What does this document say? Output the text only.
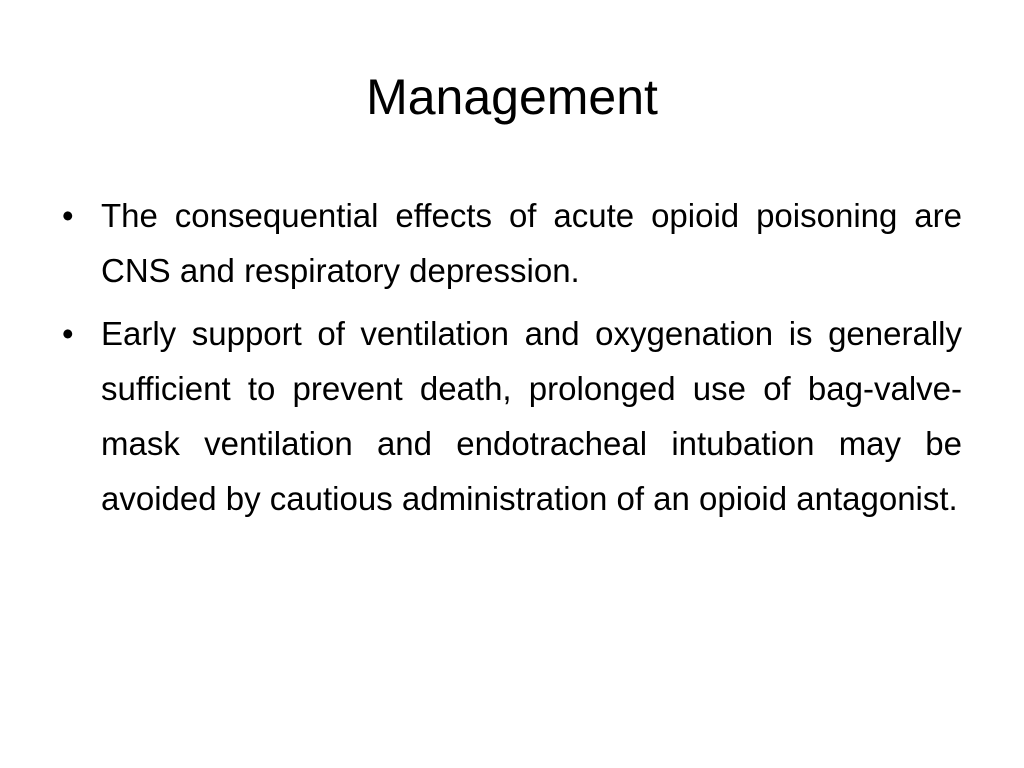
Management
• The consequential effects of acute opioid poisoning are CNS and respiratory depression.
• Early support of ventilation and oxygenation is generally sufficient to prevent death, prolonged use of bag-valve-mask ventilation and endotracheal intubation may be avoided by cautious administration of an opioid antagonist.
